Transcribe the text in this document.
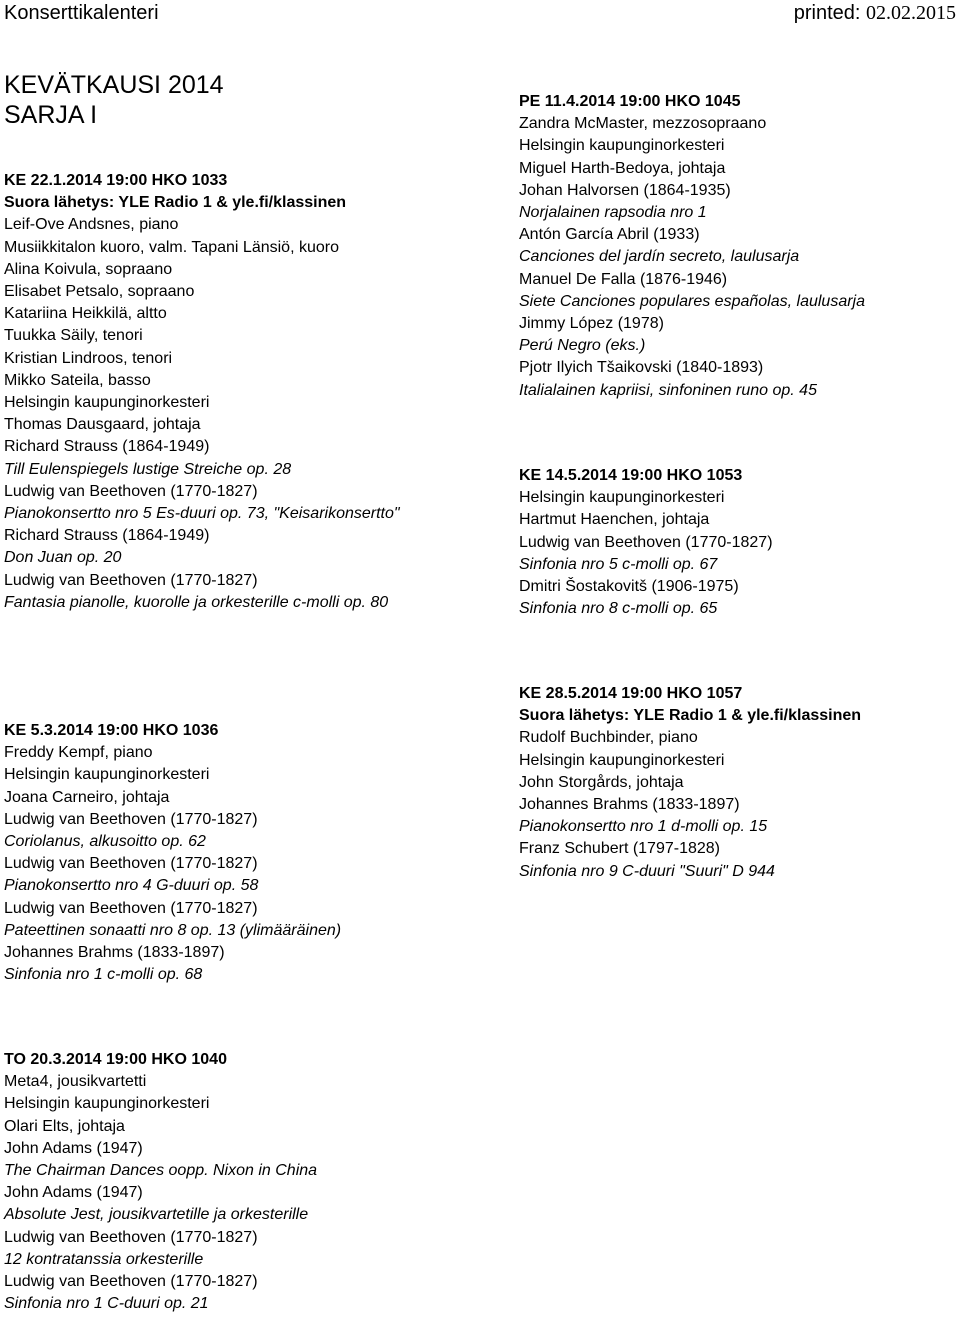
Konserttikalenteri	printed: 02.02.2015
KEVÄTKAUSI 2014
SARJA I
KE 22.1.2014 19:00 HKO 1033
Suora lähetys: YLE Radio 1 & yle.fi/klassinen
Leif-Ove Andsnes, piano
Musiikkitalon kuoro, valm. Tapani Länsiö, kuoro
Alina Koivula, sopraano
Elisabet Petsalo, sopraano
Katariina Heikkilä, altto
Tuukka Säily, tenori
Kristian Lindroos, tenori
Mikko Sateila, basso
Helsingin kaupunginorkesteri
Thomas Dausgaard, johtaja
Richard Strauss (1864-1949)
Till Eulenspiegels lustige Streiche op. 28
Ludwig van Beethoven (1770-1827)
Pianokonsertto nro 5 Es-duuri op. 73, "Keisarikonsertto"
Richard Strauss (1864-1949)
Don Juan op. 20
Ludwig van Beethoven (1770-1827)
Fantasia pianolle, kuorolle ja orkesterille c-molli op. 80
KE 5.3.2014 19:00 HKO 1036
Freddy Kempf, piano
Helsingin kaupunginorkesteri
Joana Carneiro, johtaja
Ludwig van Beethoven (1770-1827)
Coriolanus, alkusoitto op. 62
Ludwig van Beethoven (1770-1827)
Pianokonsertto nro 4 G-duuri op. 58
Ludwig van Beethoven (1770-1827)
Pateettinen sonaatti nro 8 op. 13 (ylimääräinen)
Johannes Brahms (1833-1897)
Sinfonia nro 1 c-molli op. 68
TO 20.3.2014 19:00 HKO 1040
Meta4, jousikvartetti
Helsingin kaupunginorkesteri
Olari Elts, johtaja
John Adams (1947)
The Chairman Dances oopp. Nixon in China
John Adams (1947)
Absolute Jest, jousikvartetille ja orkesterille
Ludwig van Beethoven (1770-1827)
12 kontratanssia orkesterille
Ludwig van Beethoven (1770-1827)
Sinfonia nro 1 C-duuri op. 21
PE 11.4.2014 19:00 HKO 1045
Zandra McMaster, mezzosopraano
Helsingin kaupunginorkesteri
Miguel Harth-Bedoya, johtaja
Johan Halvorsen (1864-1935)
Norjalainen rapsodia nro 1
Antón García Abril (1933)
Canciones del jardín secreto, laulusarja
Manuel De Falla (1876-1946)
Siete Canciones populares españolas, laulusarja
Jimmy López (1978)
Perú Negro (eks.)
Pjotr Ilyich Tšaikovski (1840-1893)
Italialainen kapriisi, sinfoninen runo op. 45
KE 14.5.2014 19:00 HKO 1053
Helsingin kaupunginorkesteri
Hartmut Haenchen, johtaja
Ludwig van Beethoven (1770-1827)
Sinfonia nro 5 c-molli op. 67
Dmitri Šostakovitš (1906-1975)
Sinfonia nro 8 c-molli op. 65
KE 28.5.2014 19:00 HKO 1057
Suora lähetys: YLE Radio 1 & yle.fi/klassinen
Rudolf Buchbinder, piano
Helsingin kaupunginorkesteri
John Storgårds, johtaja
Johannes Brahms (1833-1897)
Pianokonsertto nro 1 d-molli op. 15
Franz Schubert (1797-1828)
Sinfonia nro 9 C-duuri "Suuri" D 944
